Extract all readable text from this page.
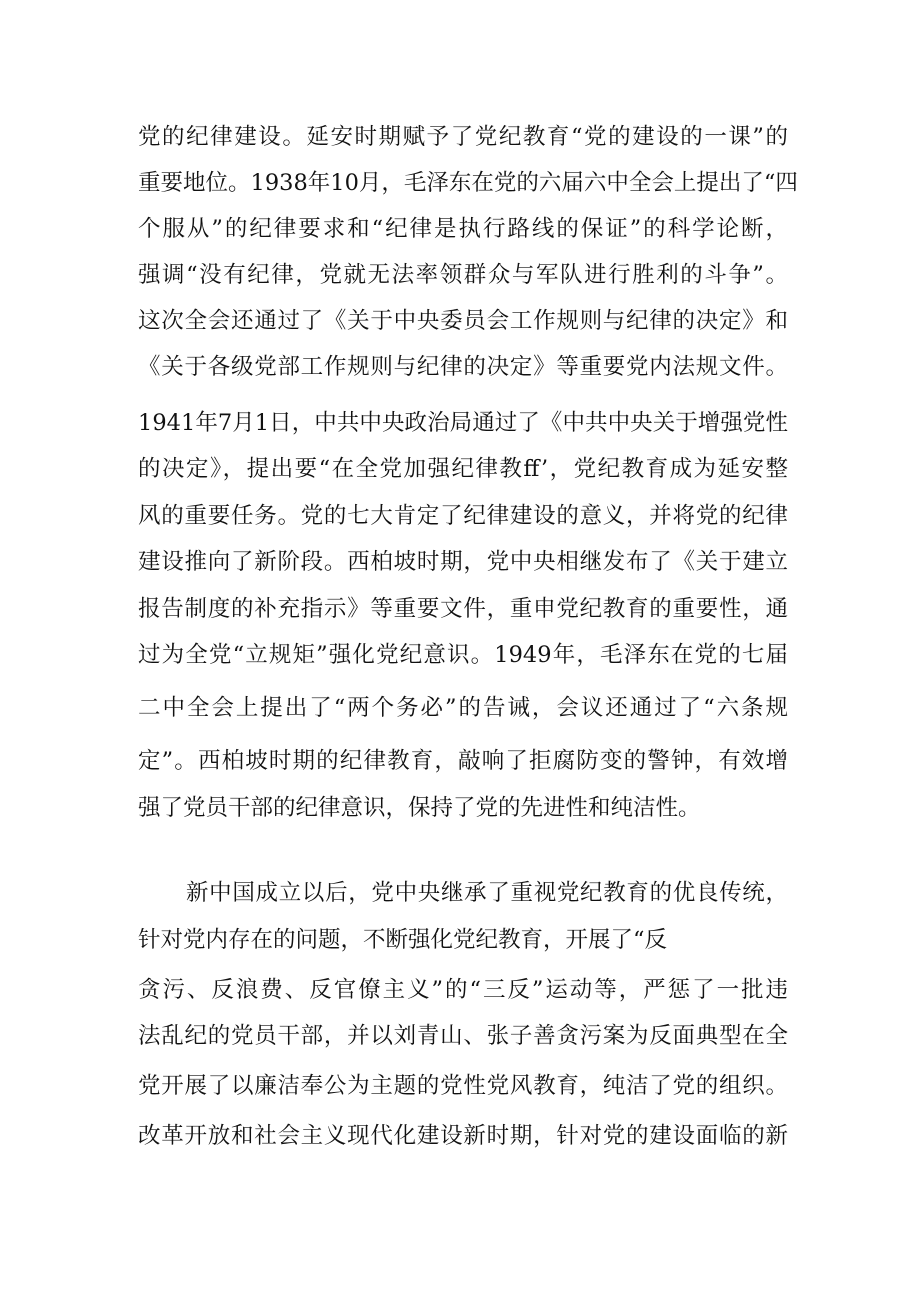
党的纪律建设。延安时期赋予了党纪教育“党的建设的一课”的
重要地位。1938年10月，毛泽东在党的六届六中全会上提出了“四
个服从”的纪律要求和“纪律是执行路线的保证”的科学论断，
强调“没有纪律，党就无法率领群众与军队进行胜利的斗争”。
这次全会还通过了《关于中央委员会工作规则与纪律的决定》和
《关于各级党部工作规则与纪律的决定》等重要党内法规文件。
1941年7月1日，中共中央政治局通过了《中共中央关于增强党性
的决定》，提出要“在全党加强纪律教ff’，党纪教育成为延安整
风的重要任务。党的七大肯定了纪律建设的意义，并将党的纪律
建设推向了新阶段。西柏坡时期，党中央相继发布了《关于建立
报告制度的补充指示》等重要文件，重申党纪教育的重要性，通
过为全党“立规矩”强化党纪意识。1949年，毛泽东在党的七届
二中全会上提出了“两个务必”的告诫，会议还通过了“六条规
定”。西柏坡时期的纪律教育，敲响了拒腐防变的警钟，有效增
强了党员干部的纪律意识，保持了党的先进性和纯洁性。
新中国成立以后，党中央继承了重视党纪教育的优良传统，
针对党内存在的问题，不断强化党纪教育，开展了“反
贪污、反浪费、反官僚主义”的“三反”运动等，严惩了一批违
法乱纪的党员干部，并以刘青山、张子善贪污案为反面典型在全
党开展了以廉洁奉公为主题的党性党风教育，纯洁了党的组织。
改革开放和社会主义现代化建设新时期，针对党的建设面临的新
